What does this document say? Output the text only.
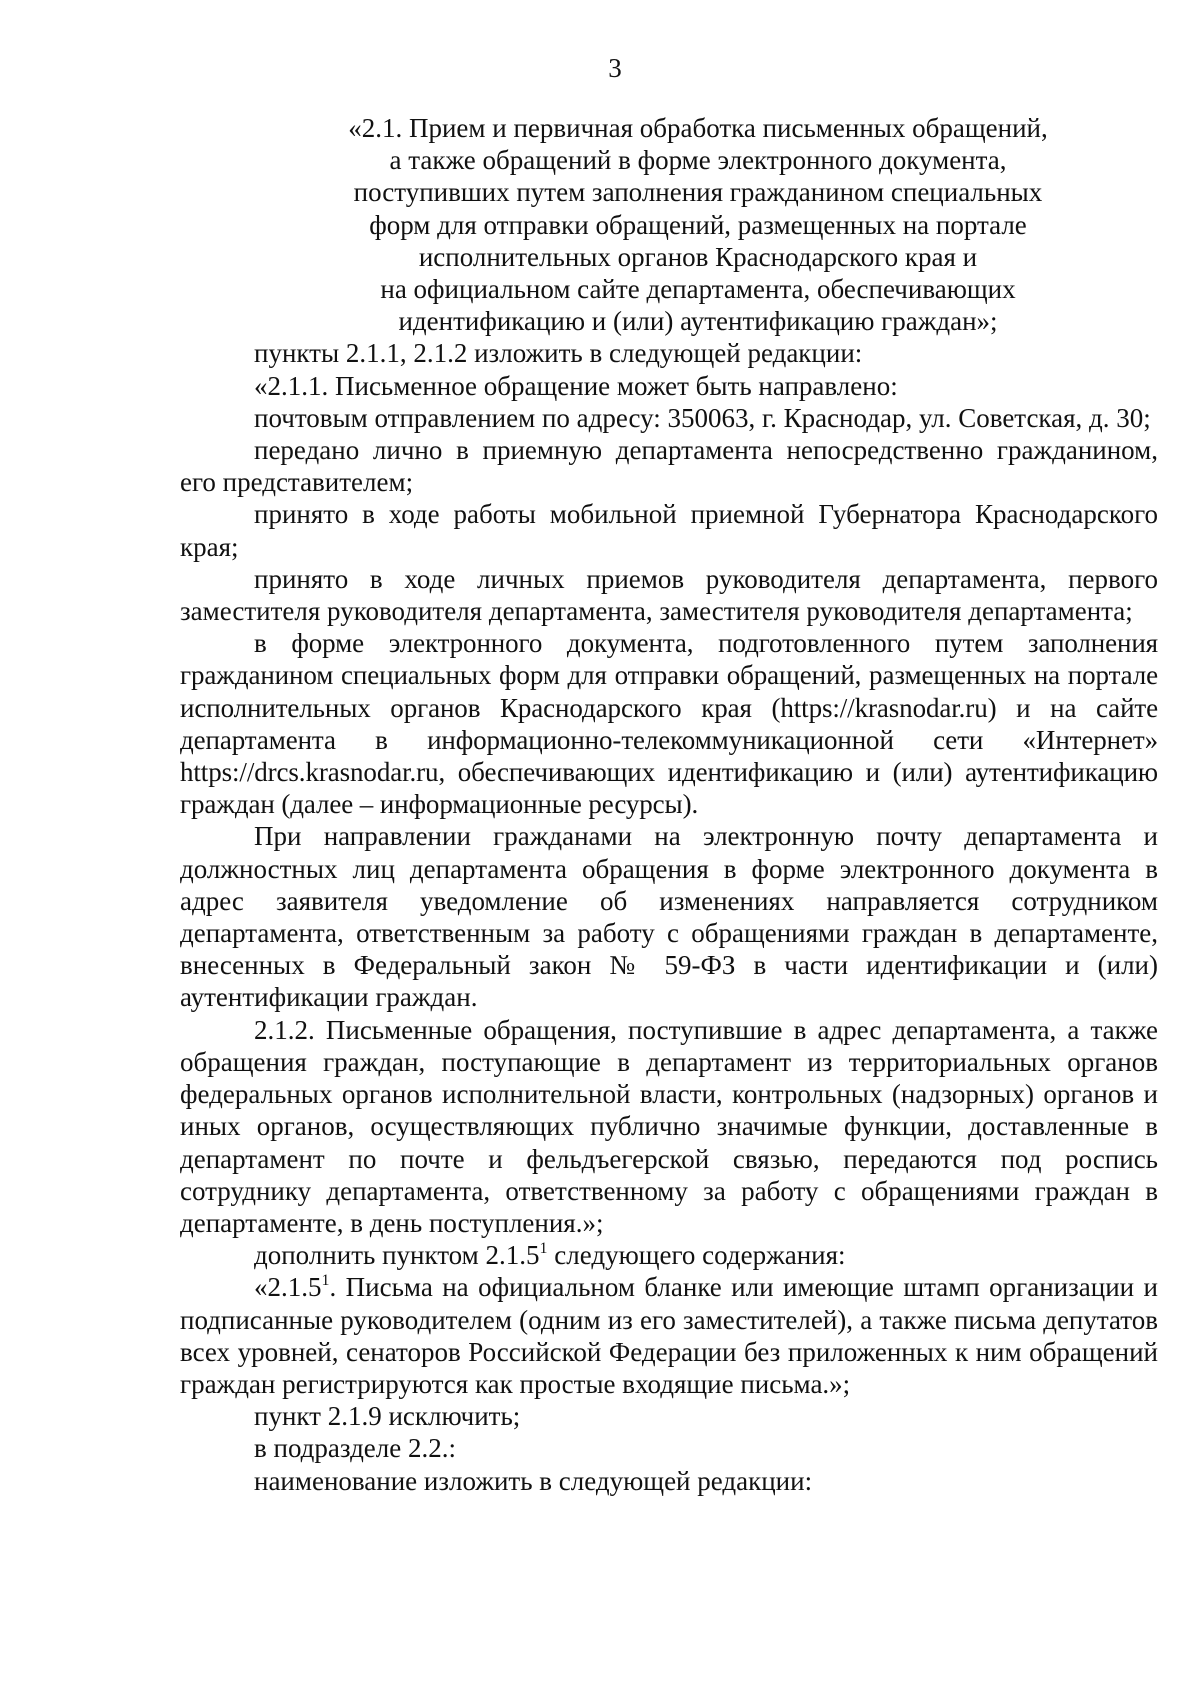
3

«2.1. Прием и первичная обработка письменных обращений,

а также обращений в форме электронного документа,

поступивших путем заполнения гражданином специальных

форм для отправки обращений, размещенных на портале

исполнительных органов Краснодарского края и

на официальном сайте департамента, обеспечивающих

идентификацию и (или) аутентификацию граждан»;

пункты 2.1.1, 2.1.2 изложить в следующей редакции:

«2.1.1. Письменное обращение может быть направлено:

почтовым отправлением по адресу: 350063, г. Краснодар, ул. Советская, д. 30;

передано лично в приемную департамента непосредственно гражданином, его представителем;

принято в ходе работы мобильной приемной Губернатора Краснодарского края;

принято в ходе личных приемов руководителя департамента, первого заместителя руководителя департамента, заместителя руководителя департамента;

в форме электронного документа, подготовленного путем заполнения гражданином специальных форм для отправки обращений, размещенных на портале исполнительных органов Краснодарского края (https://krasnodar.ru) и на сайте департамента в информационно-телекоммуникационной сети «Интернет» https://drcs.krasnodar.ru, обеспечивающих идентификацию и (или) аутентификацию граждан (далее – информационные ресурсы).

При направлении гражданами на электронную почту департамента и должностных лиц департамента обращения в форме электронного документа в адрес заявителя уведомление об изменениях направляется сотрудником департамента, ответственным за работу с обращениями граждан в департаменте, внесенных в Федеральный закон № 59-ФЗ в части идентификации и (или) аутентификации граждан.

2.1.2. Письменные обращения, поступившие в адрес департамента, а также обращения граждан, поступающие в департамент из территориальных органов федеральных органов исполнительной власти, контрольных (надзорных) органов и иных органов, осуществляющих публично значимые функции, доставленные в департамент по почте и фельдъегерской связью, передаются под роспись сотруднику департамента, ответственному за работу с обращениями граждан в департаменте, в день поступления.»;

дополнить пунктом 2.1.5$^1$ следующего содержания:

«2.1.5$^1$. Письма на официальном бланке или имеющие штамп организации и подписанные руководителем (одним из его заместителей), а также письма депутатов всех уровней, сенаторов Российской Федерации без приложенных к ним обращений граждан регистрируются как простые входящие письма.»;

пункт 2.1.9 исключить;

в подразделе 2.2.:

наименование изложить в следующей редакции:
